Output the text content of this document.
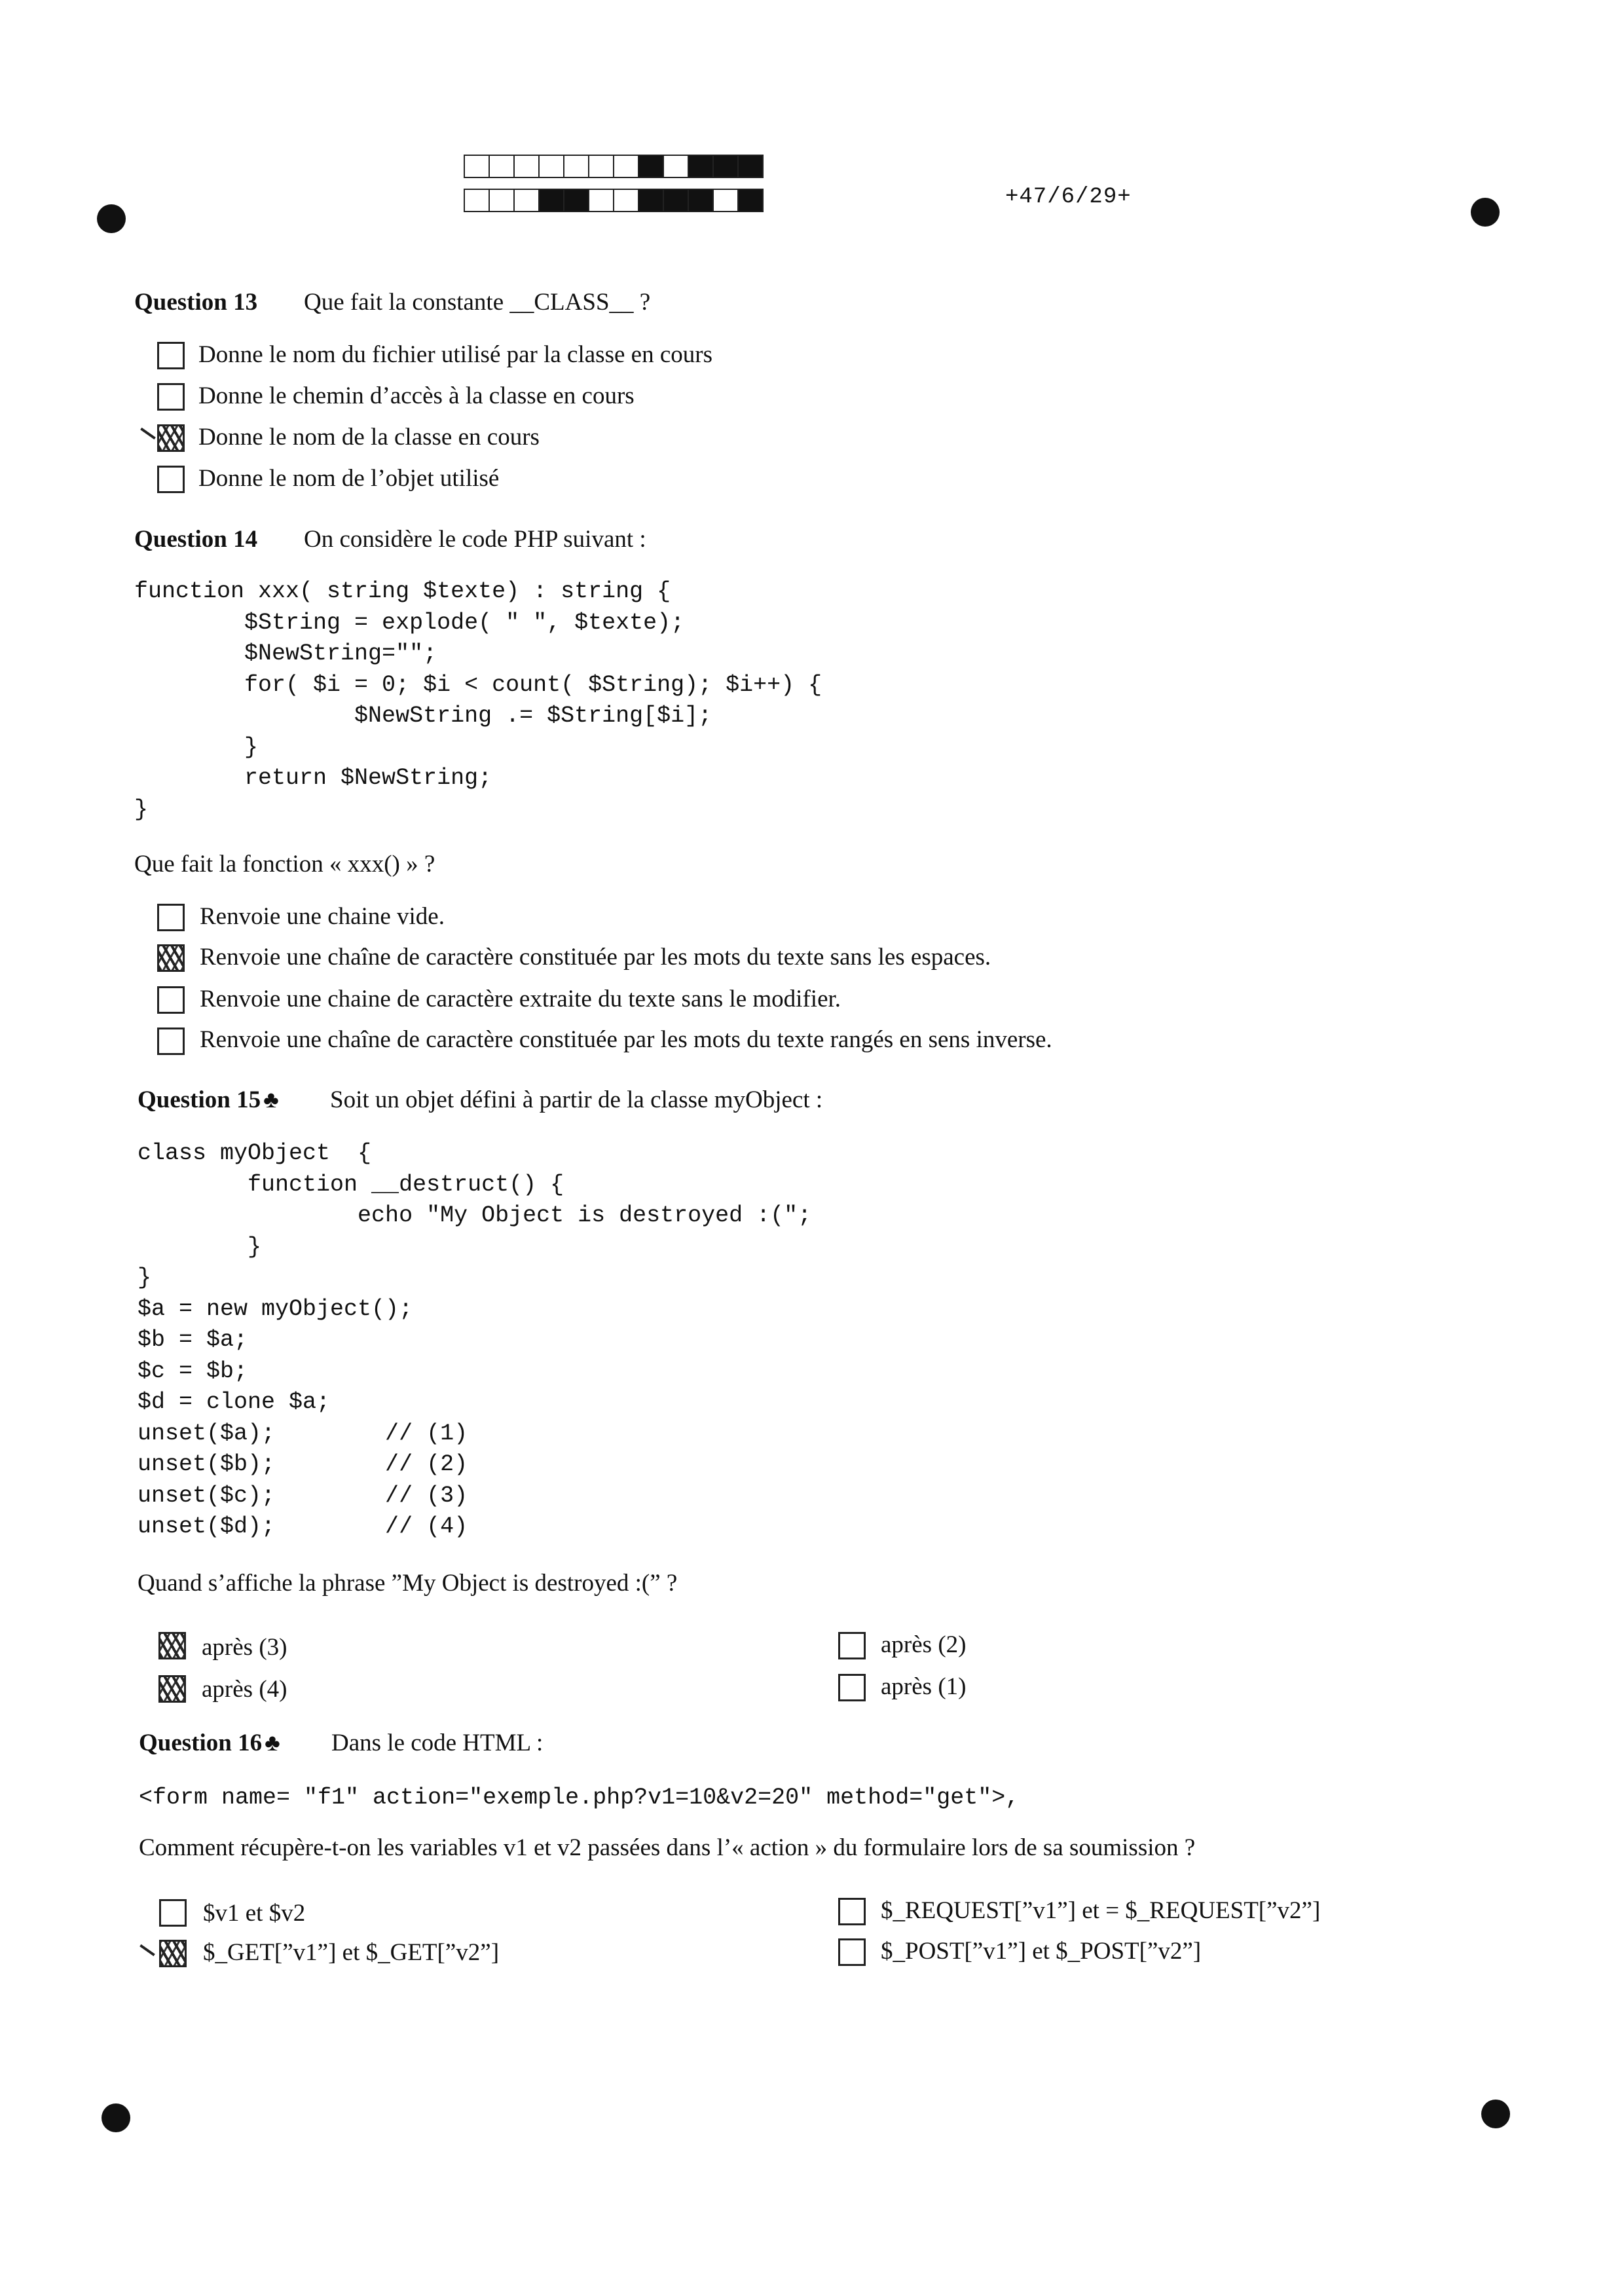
+47/6/29+
Question 13 Que fait la constante __CLASS__ ?
Donne le nom du fichier utilisé par la classe en cours
Donne le chemin d’accès à la classe en cours
Donne le nom de la classe en cours
Donne le nom de l’objet utilisé
Question 14 On considère le code PHP suivant :
function xxx( string $texte) : string {
$String = explode( " ", $texte);
$NewString="";
for( $i = 0; $i < count( $String); $i++) {
$NewString .= $String[$i];
}
return $NewString;
}
Que fait la fonction « xxx() » ?
Renvoie une chaine vide.
Renvoie une chaîne de caractère constituée par les mots du texte sans les espaces.
Renvoie une chaine de caractère extraite du texte sans le modifier.
Renvoie une chaîne de caractère constituée par les mots du texte rangés en sens inverse.
Question 15 ♣ Soit un objet défini à partir de la classe myObject :
class myObject  {
function __destruct() {
echo "My Object is destroyed :(";
}
}
$a = new myObject();
$b = $a;
$c = $b;
$d = clone $a;
unset($a);        // (1)
unset($b);        // (2)
unset($c);        // (3)
unset($d);        // (4)
Quand s’affiche la phrase ”My Object is destroyed :(” ?
après (3)
après (4)
après (2)
après (1)
Question 16 ♣ Dans le code HTML :
<form name= "f1" action="exemple.php?v1=10&v2=20" method="get">,
Comment récupère-t-on les variables v1 et v2 passées dans l’« action » du formulaire lors de sa soumission ?
$v1 et $v2
$_GET[”v1”] et $_GET[”v2”]
$_REQUEST[”v1”] et = $_REQUEST[”v2”]
$_POST[”v1”] et $_POST[”v2”]
